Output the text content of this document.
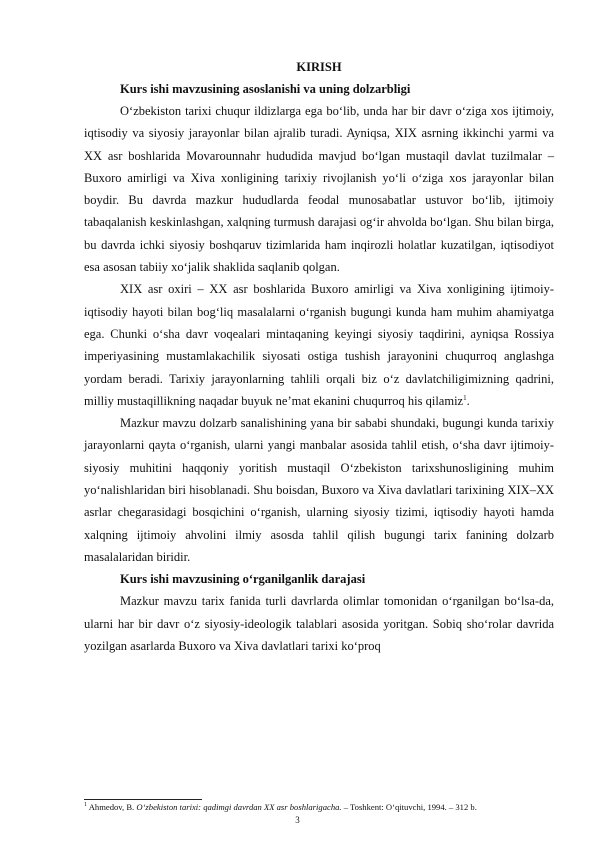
KIRISH

Kurs ishi mavzusining asoslanishi va uning dolzarbligi

O‘zbekiston tarixi chuqur ildizlarga ega bo‘lib, unda har bir davr o‘ziga xos ijtimoiy, iqtisodiy va siyosiy jarayonlar bilan ajralib turadi. Ayniqsa, XIX asrning ikkinchi yarmi va XX asr boshlarida Movarounnahr hududida mavjud bo‘lgan mustaqil davlat tuzilmalar – Buxoro amirligi va Xiva xonligining tarixiy rivojlanish yo‘li o‘ziga xos jarayonlar bilan boydir. Bu davrda mazkur hududlarda feodal munosabatlar ustuvor bo‘lib, ijtimoiy tabaqalanish keskinlashgan, xalqning turmush darajasi og‘ir ahvolda bo‘lgan. Shu bilan birga, bu davrda ichki siyosiy boshqaruv tizimlarida ham inqirozli holatlar kuzatilgan, iqtisodiyot esa asosan tabiiy xo‘jalik shaklida saqlanib qolgan.

XIX asr oxiri – XX asr boshlarida Buxoro amirligi va Xiva xonligining ijtimoiy-iqtisodiy hayoti bilan bog‘liq masalalarni o‘rganish bugungi kunda ham muhim ahamiyatga ega. Chunki o‘sha davr voqealari mintaqaning keyingi siyosiy taqdirini, ayniqsa Rossiya imperiyasining mustamlakachilik siyosati ostiga tushish jarayonini chuqurroq anglashga yordam beradi. Tarixiy jarayonlarning tahlili orqali biz o‘z davlatchiligimizning qadrini, milliy mustaqillikning naqadar buyuk ne’mat ekanini chuqurroq his qilamiz$^1$.

Mazkur mavzu dolzarb sanalishining yana bir sababi shundaki, bugungi kunda tarixiy jarayonlarni qayta o‘rganish, ularni yangi manbalar asosida tahlil etish, o‘sha davr ijtimoiy-siyosiy muhitini haqqoniy yoritish mustaqil O‘zbekiston tarixshunosligining muhim yo‘nalishlaridan biri hisoblanadi. Shu boisdan, Buxoro va Xiva davlatlari tarixining XIX–XX asrlar chegarasidagi bosqichini o‘rganish, ularning siyosiy tizimi, iqtisodiy hayoti hamda xalqning ijtimoiy ahvolini ilmiy asosda tahlil qilish bugungi tarix fanining dolzarb masalalaridan biridir.

Kurs ishi mavzusining o‘rganilganlik darajasi

Mazkur mavzu tarix fanida turli davrlarda olimlar tomonidan o‘rganilgan bo‘lsa-da, ularni har bir davr o‘z siyosiy-ideologik talablari asosida yoritgan. Sobiq sho‘rolar davrida yozilgan asarlarda Buxoro va Xiva davlatlari tarixi ko‘proq

$^1$ Ahmedov, B. O‘zbekiston tarixi: qadimgi davrdan XX asr boshlarigacha. – Toshkent: O‘qituvchi, 1994. – 312 b.
3
